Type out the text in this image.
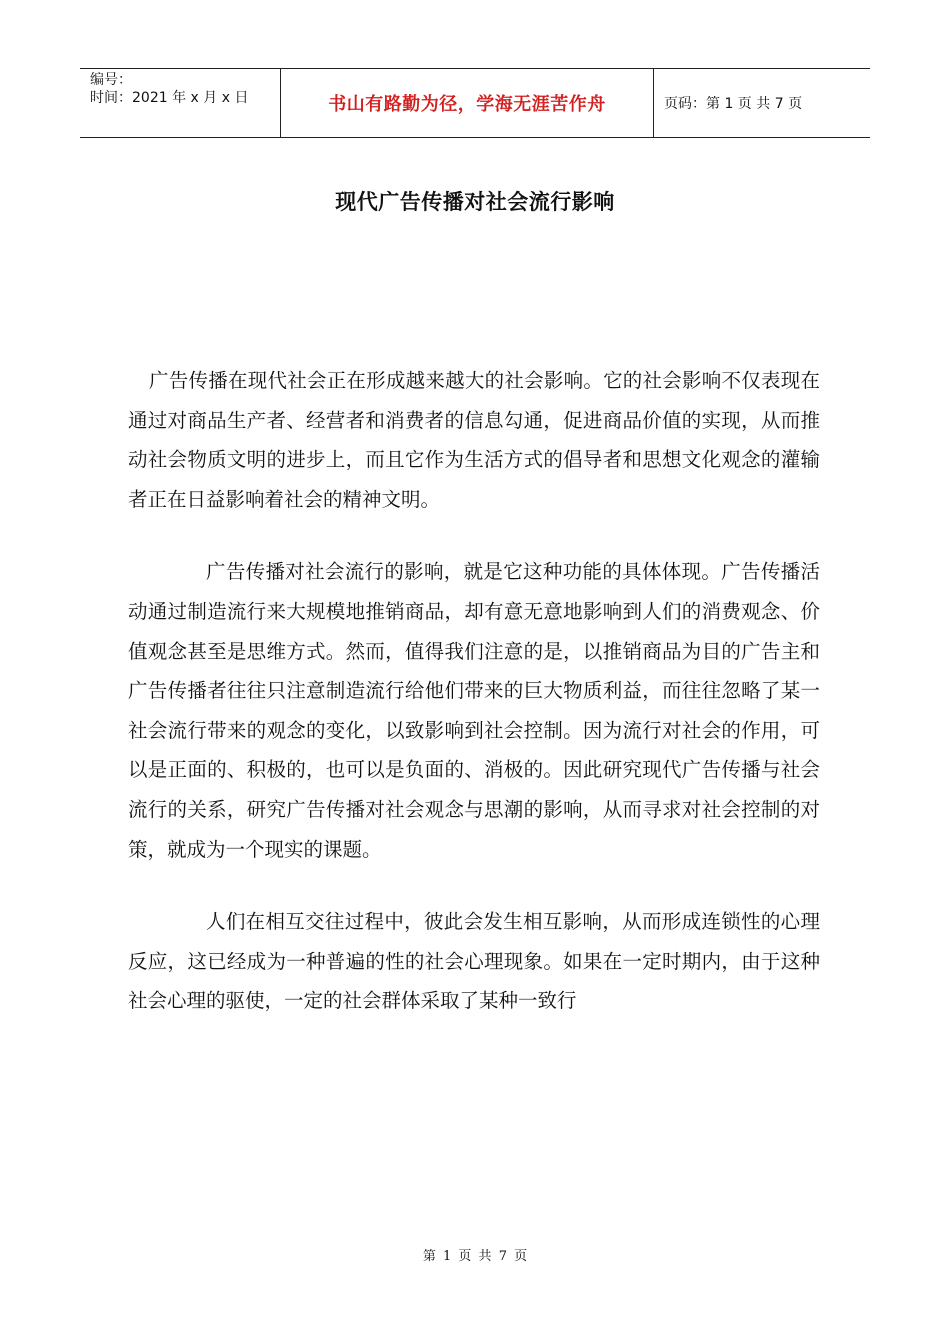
编号：
时间：2021 年 x 月 x 日	书山有路勤为径，学海无涯苦作舟	页码：第 1 页 共 7 页
现代广告传播对社会流行影响

广告传播在现代社会正在形成越来越大的社会影响。它的社会影响不仅表现在通过对商品生产者、经营者和消费者的信息勾通，促进商品价值的实现，从而推动社会物质文明的进步上，而且它作为生活方式的倡导者和思想文化观念的灌输者正在日益影响着社会的精神文明。

广告传播对社会流行的影响，就是它这种功能的具体体现。广告传播活动通过制造流行来大规模地推销商品，却有意无意地影响到人们的消费观念、价值观念甚至是思维方式。然而，值得我们注意的是，以推销商品为目的广告主和广告传播者往往只注意制造流行给他们带来的巨大物质利益，而往往忽略了某一社会流行带来的观念的变化，以致影响到社会控制。因为流行对社会的作用，可以是正面的、积极的，也可以是负面的、消极的。因此研究现代广告传播与社会流行的关系，研究广告传播对社会观念与思潮的影响，从而寻求对社会控制的对策，就成为一个现实的课题。

人们在相互交往过程中，彼此会发生相互影响，从而形成连锁性的心理反应，这已经成为一种普遍的性的社会心理现象。如果在一定时期内，由于这种社会心理的驱使，一定的社会群体采取了某种一致行

第 1 页 共 7 页
